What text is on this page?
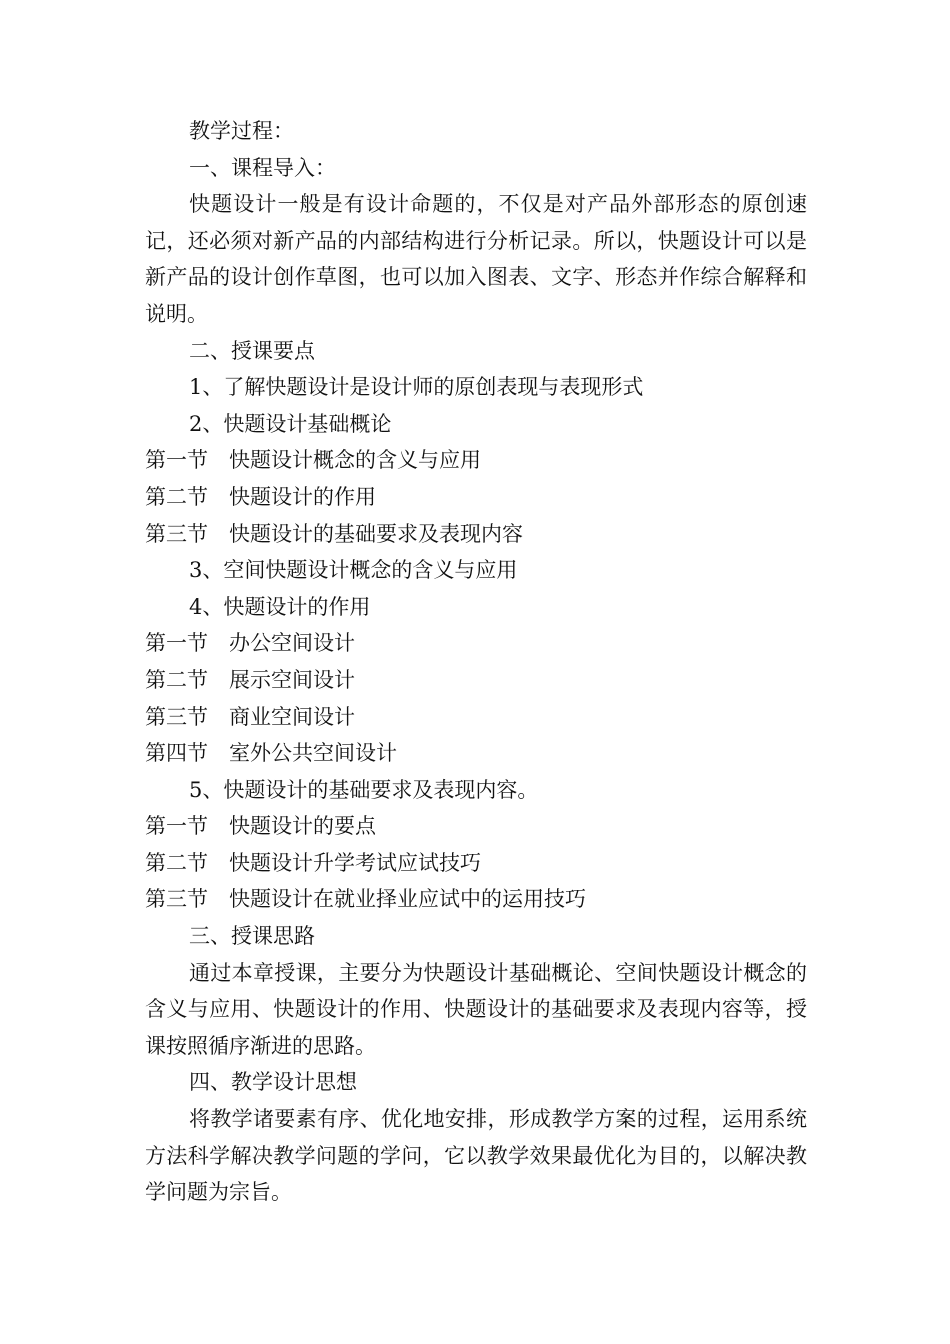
教学过程：

一、课程导入：

快题设计一般是有设计命题的，不仅是对产品外部形态的原创速记，还必须对新产品的内部结构进行分析记录。所以，快题设计可以是新产品的设计创作草图，也可以加入图表、文字、形态并作综合解释和说明。

二、授课要点

1、了解快题设计是设计师的原创表现与表现形式

2、快题设计基础概论

第一节　快题设计概念的含义与应用

第二节　快题设计的作用

第三节　快题设计的基础要求及表现内容

3、空间快题设计概念的含义与应用

4、快题设计的作用

第一节　办公空间设计

第二节　展示空间设计

第三节　商业空间设计

第四节　室外公共空间设计

5、快题设计的基础要求及表现内容。

第一节　快题设计的要点

第二节　快题设计升学考试应试技巧

第三节　快题设计在就业择业应试中的运用技巧

三、授课思路

通过本章授课，主要分为快题设计基础概论、空间快题设计概念的含义与应用、快题设计的作用、快题设计的基础要求及表现内容等，授课按照循序渐进的思路。

四、教学设计思想

将教学诸要素有序、优化地安排，形成教学方案的过程，运用系统方法科学解决教学问题的学问，它以教学效果最优化为目的，以解决教学问题为宗旨。
